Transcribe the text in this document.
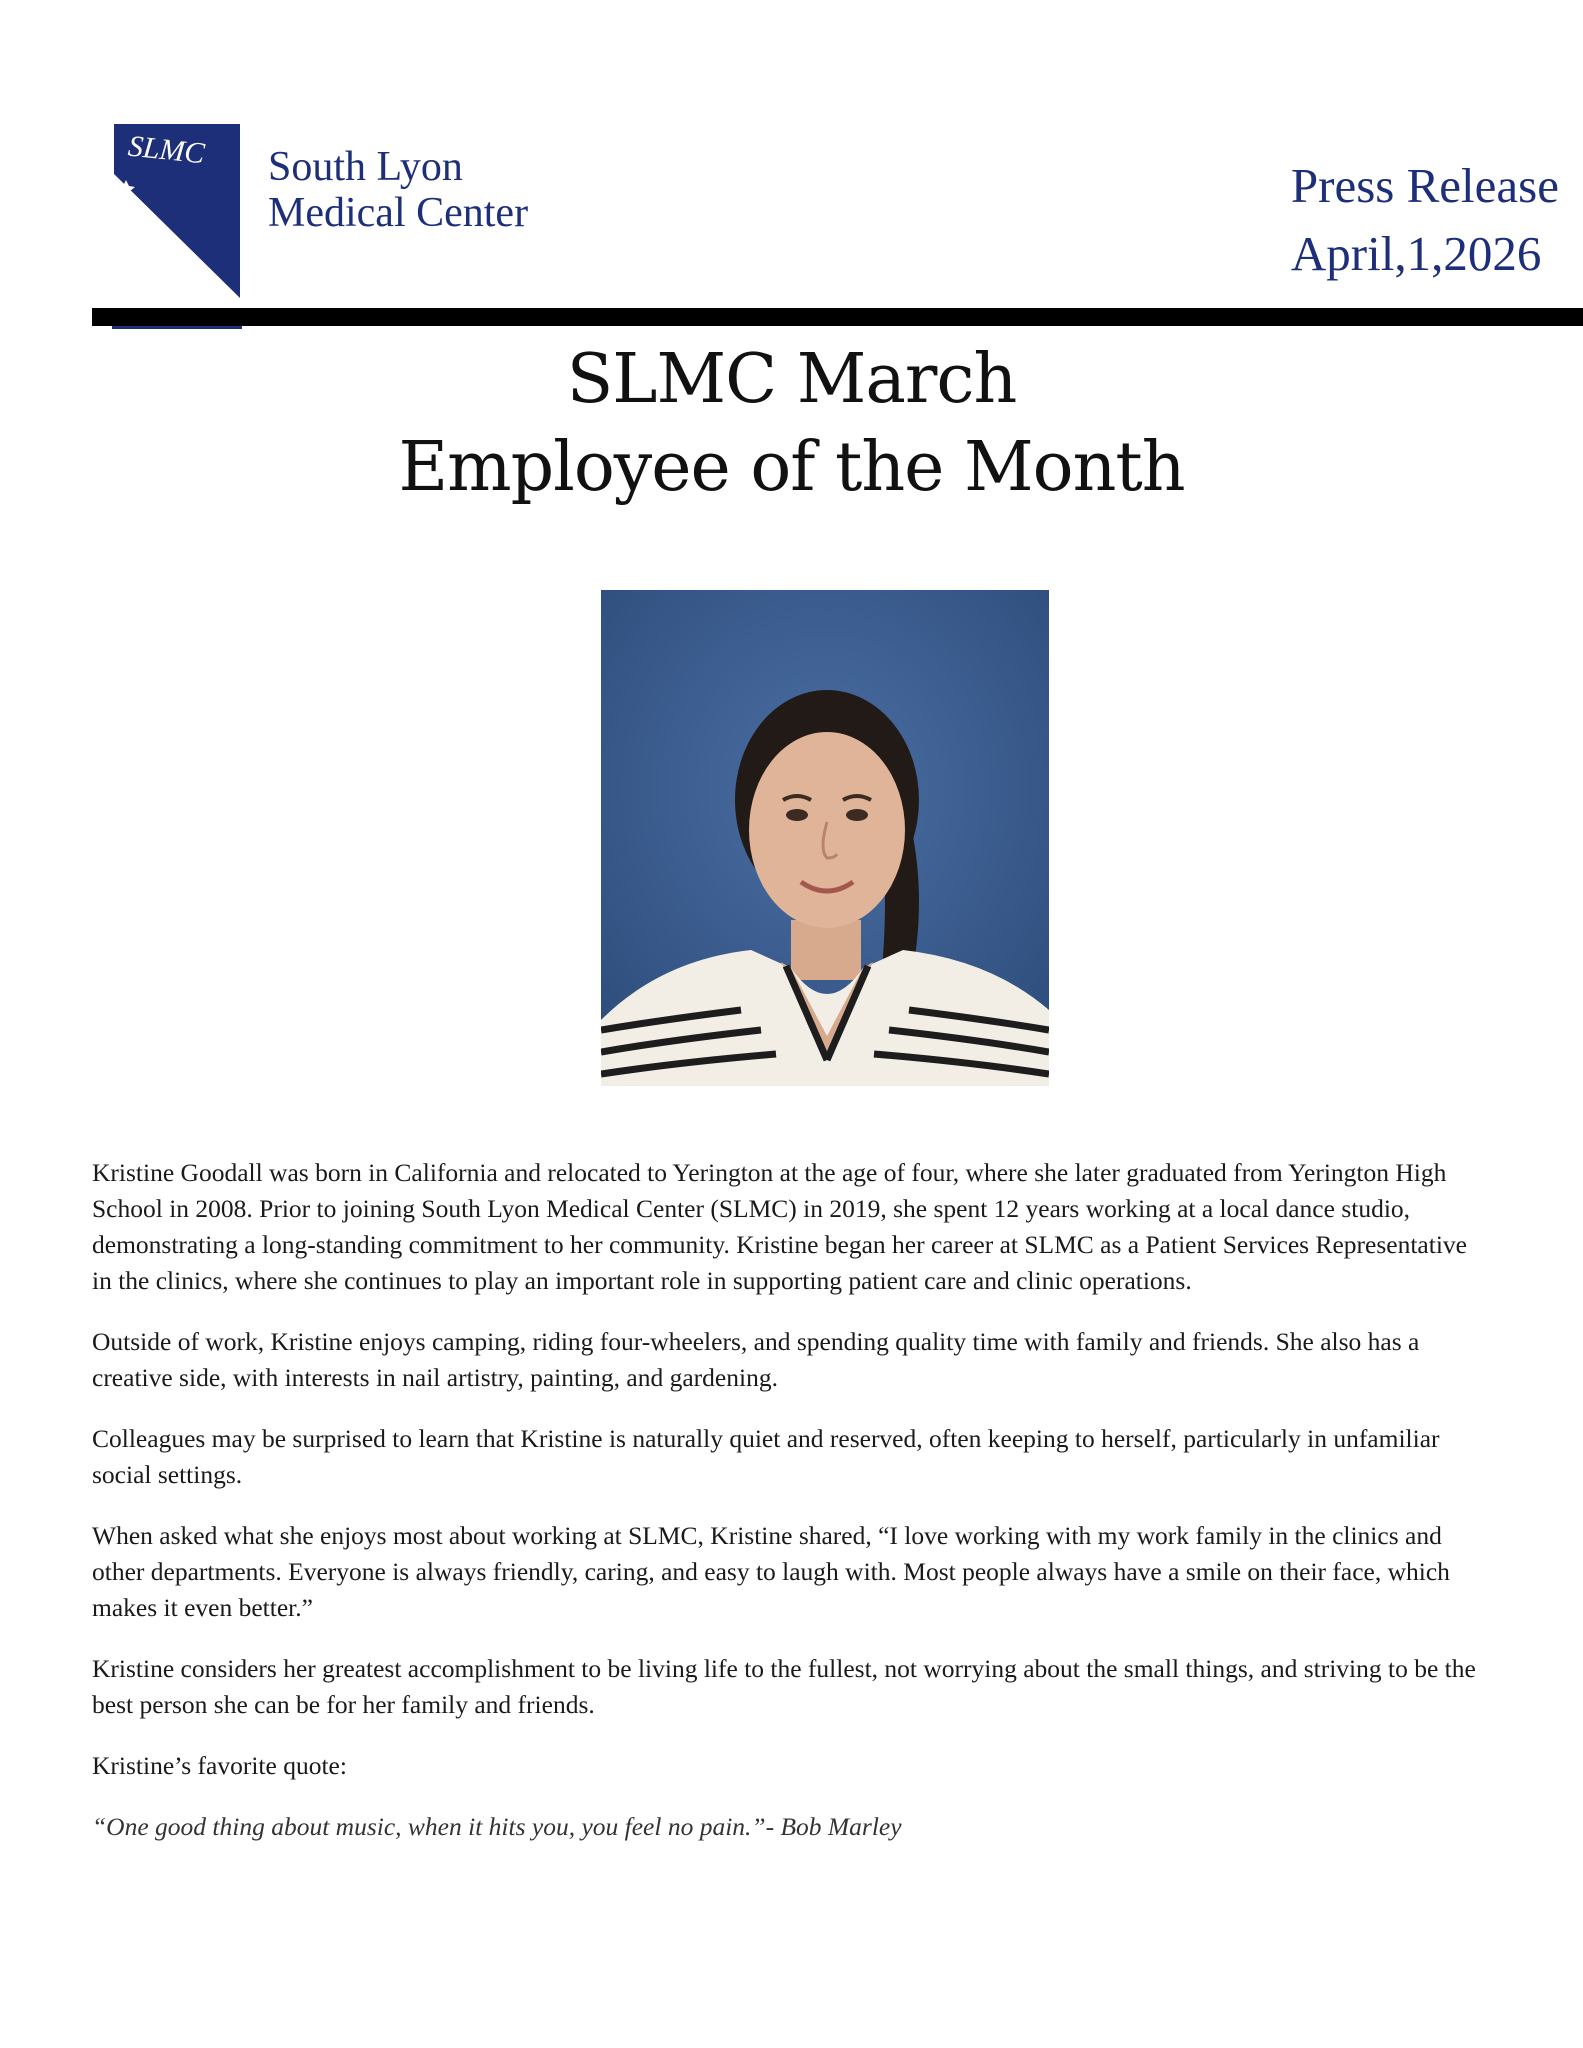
SLMC South Lyon
Medical Center	Press Release
April,1,2026
SLMC March
Employee of the Month

Kristine Goodall was born in California and relocated to Yerington at the age of four, where she later graduated from Yerington High School in 2008. Prior to joining South Lyon Medical Center (SLMC) in 2019, she spent 12 years working at a local dance studio, demonstrating a long-standing commitment to her community. Kristine began her career at SLMC as a Patient Services Representative in the clinics, where she continues to play an important role in supporting patient care and clinic operations.

Outside of work, Kristine enjoys camping, riding four-wheelers, and spending quality time with family and friends. She also has a creative side, with interests in nail artistry, painting, and gardening.

Colleagues may be surprised to learn that Kristine is naturally quiet and reserved, often keeping to herself, particularly in unfamiliar social settings.

When asked what she enjoys most about working at SLMC, Kristine shared, “I love working with my work family in the clinics and other departments. Everyone is always friendly, caring, and easy to laugh with. Most people always have a smile on their face, which makes it even better.”

Kristine considers her greatest accomplishment to be living life to the fullest, not worrying about the small things, and striving to be the best person she can be for her family and friends.

Kristine’s favorite quote:

“One good thing about music, when it hits you, you feel no pain.”- Bob Marley
